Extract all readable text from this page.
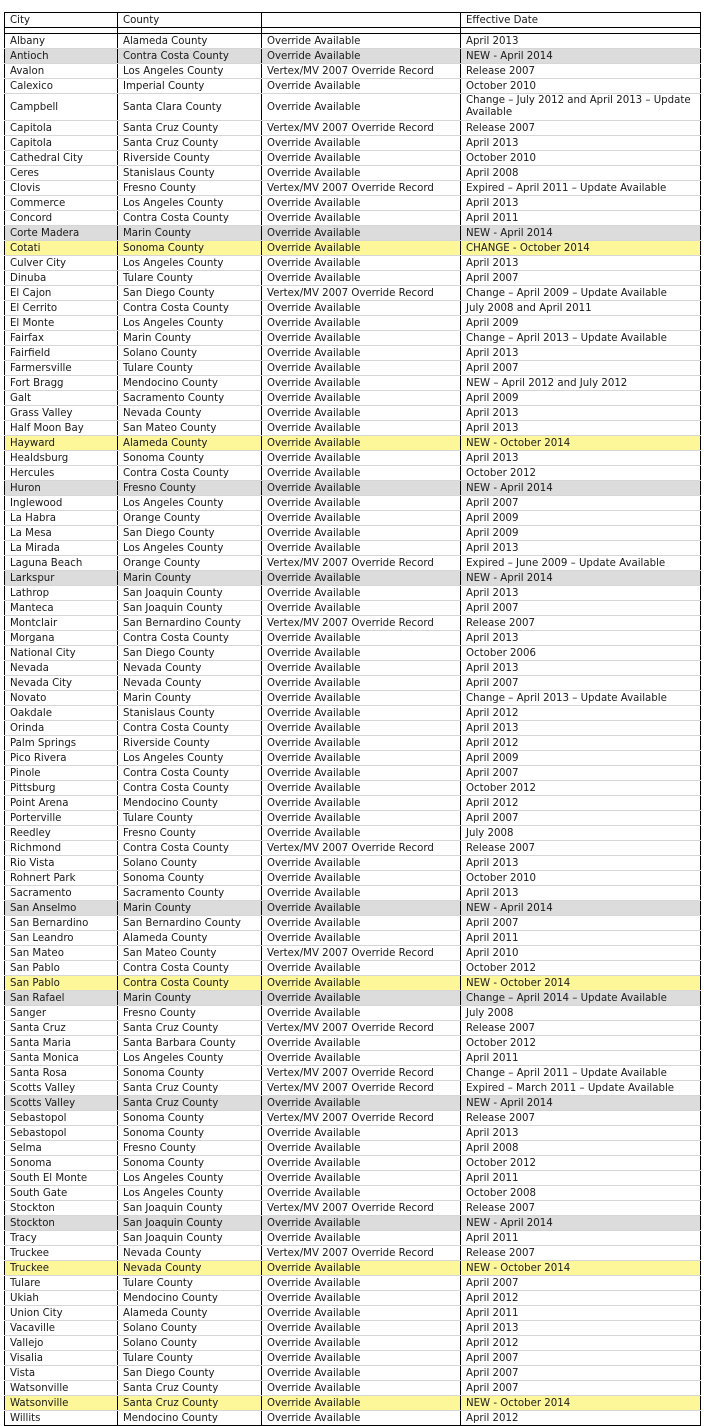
City	County		Effective Date

Albany	Alameda County	Override Available	April 2013
Antioch	Contra Costa County	Override Available	NEW - April 2014
Avalon	Los Angeles County	Vertex/MV 2007 Override Record	Release 2007
Calexico	Imperial County	Override Available	October 2010
Campbell	Santa Clara County	Override Available	Change – July 2012 and April 2013 – Update Available
Capitola	Santa Cruz County	Vertex/MV 2007 Override Record	Release 2007
Capitola	Santa Cruz County	Override Available	April 2013
Cathedral City	Riverside County	Override Available	October 2010
Ceres	Stanislaus County	Override Available	April 2008
Clovis	Fresno County	Vertex/MV 2007 Override Record	Expired – April 2011 – Update Available
Commerce	Los Angeles County	Override Available	April 2013
Concord	Contra Costa County	Override Available	April 2011
Corte Madera	Marin County	Override Available	NEW - April 2014
Cotati	Sonoma County	Override Available	CHANGE - October 2014
Culver City	Los Angeles County	Override Available	April 2013
Dinuba	Tulare County	Override Available	April 2007
El Cajon	San Diego County	Vertex/MV 2007 Override Record	Change – April 2009 – Update Available
El Cerrito	Contra Costa County	Override Available	July 2008 and April 2011
El Monte	Los Angeles County	Override Available	April 2009
Fairfax	Marin County	Override Available	Change – April 2013 – Update Available
Fairfield	Solano County	Override Available	April 2013
Farmersville	Tulare County	Override Available	April 2007
Fort Bragg	Mendocino County	Override Available	NEW – April 2012 and July 2012
Galt	Sacramento County	Override Available	April 2009
Grass Valley	Nevada County	Override Available	April 2013
Half Moon Bay	San Mateo County	Override Available	April 2013
Hayward	Alameda County	Override Available	NEW - October 2014
Healdsburg	Sonoma County	Override Available	April 2013
Hercules	Contra Costa County	Override Available	October 2012
Huron	Fresno County	Override Available	NEW - April 2014
Inglewood	Los Angeles County	Override Available	April 2007
La Habra	Orange County	Override Available	April 2009
La Mesa	San Diego County	Override Available	April 2009
La Mirada	Los Angeles County	Override Available	April 2013
Laguna Beach	Orange County	Vertex/MV 2007 Override Record	Expired – June 2009 – Update Available
Larkspur	Marin County	Override Available	NEW - April 2014
Lathrop	San Joaquin County	Override Available	April 2013
Manteca	San Joaquin County	Override Available	April 2007
Montclair	San Bernardino County	Vertex/MV 2007 Override Record	Release 2007
Morgana	Contra Costa County	Override Available	April 2013
National City	San Diego County	Override Available	October 2006
Nevada	Nevada County	Override Available	April 2013
Nevada City	Nevada County	Override Available	April 2007
Novato	Marin County	Override Available	Change – April 2013 – Update Available
Oakdale	Stanislaus County	Override Available	April 2012
Orinda	Contra Costa County	Override Available	April 2013
Palm Springs	Riverside County	Override Available	April 2012
Pico Rivera	Los Angeles County	Override Available	April 2009
Pinole	Contra Costa County	Override Available	April 2007
Pittsburg	Contra Costa County	Override Available	October 2012
Point Arena	Mendocino County	Override Available	April 2012
Porterville	Tulare County	Override Available	April 2007
Reedley	Fresno County	Override Available	July 2008
Richmond	Contra Costa County	Vertex/MV 2007 Override Record	Release 2007
Rio Vista	Solano County	Override Available	April 2013
Rohnert Park	Sonoma County	Override Available	October 2010
Sacramento	Sacramento County	Override Available	April 2013
San Anselmo	Marin County	Override Available	NEW - April 2014
San Bernardino	San Bernardino County	Override Available	April 2007
San Leandro	Alameda County	Override Available	April 2011
San Mateo	San Mateo County	Vertex/MV 2007 Override Record	April 2010
San Pablo	Contra Costa County	Override Available	October 2012
San Pablo	Contra Costa County	Override Available	NEW - October 2014
San Rafael	Marin County	Override Available	Change – April 2014 – Update Available
Sanger	Fresno County	Override Available	July 2008
Santa Cruz	Santa Cruz County	Vertex/MV 2007 Override Record	Release 2007
Santa Maria	Santa Barbara County	Override Available	October 2012
Santa Monica	Los Angeles County	Override Available	April 2011
Santa Rosa	Sonoma County	Vertex/MV 2007 Override Record	Change – April 2011 – Update Available
Scotts Valley	Santa Cruz County	Vertex/MV 2007 Override Record	Expired – March 2011 – Update Available
Scotts Valley	Santa Cruz County	Override Available	NEW - April 2014
Sebastopol	Sonoma County	Vertex/MV 2007 Override Record	Release 2007
Sebastopol	Sonoma County	Override Available	April 2013
Selma	Fresno County	Override Available	April 2008
Sonoma	Sonoma County	Override Available	October 2012
South El Monte	Los Angeles County	Override Available	April 2011
South Gate	Los Angeles County	Override Available	October 2008
Stockton	San Joaquin County	Vertex/MV 2007 Override Record	Release 2007
Stockton	San Joaquin County	Override Available	NEW - April 2014
Tracy	San Joaquin County	Override Available	April 2011
Truckee	Nevada County	Vertex/MV 2007 Override Record	Release 2007
Truckee	Nevada County	Override Available	NEW - October 2014
Tulare	Tulare County	Override Available	April 2007
Ukiah	Mendocino County	Override Available	April 2012
Union City	Alameda County	Override Available	April 2011
Vacaville	Solano County	Override Available	April 2013
Vallejo	Solano County	Override Available	April 2012
Visalia	Tulare County	Override Available	April 2007
Vista	San Diego County	Override Available	April 2007
Watsonville	Santa Cruz County	Override Available	April 2007
Watsonville	Santa Cruz County	Override Available	NEW - October 2014
Willits	Mendocino County	Override Available	April 2012
